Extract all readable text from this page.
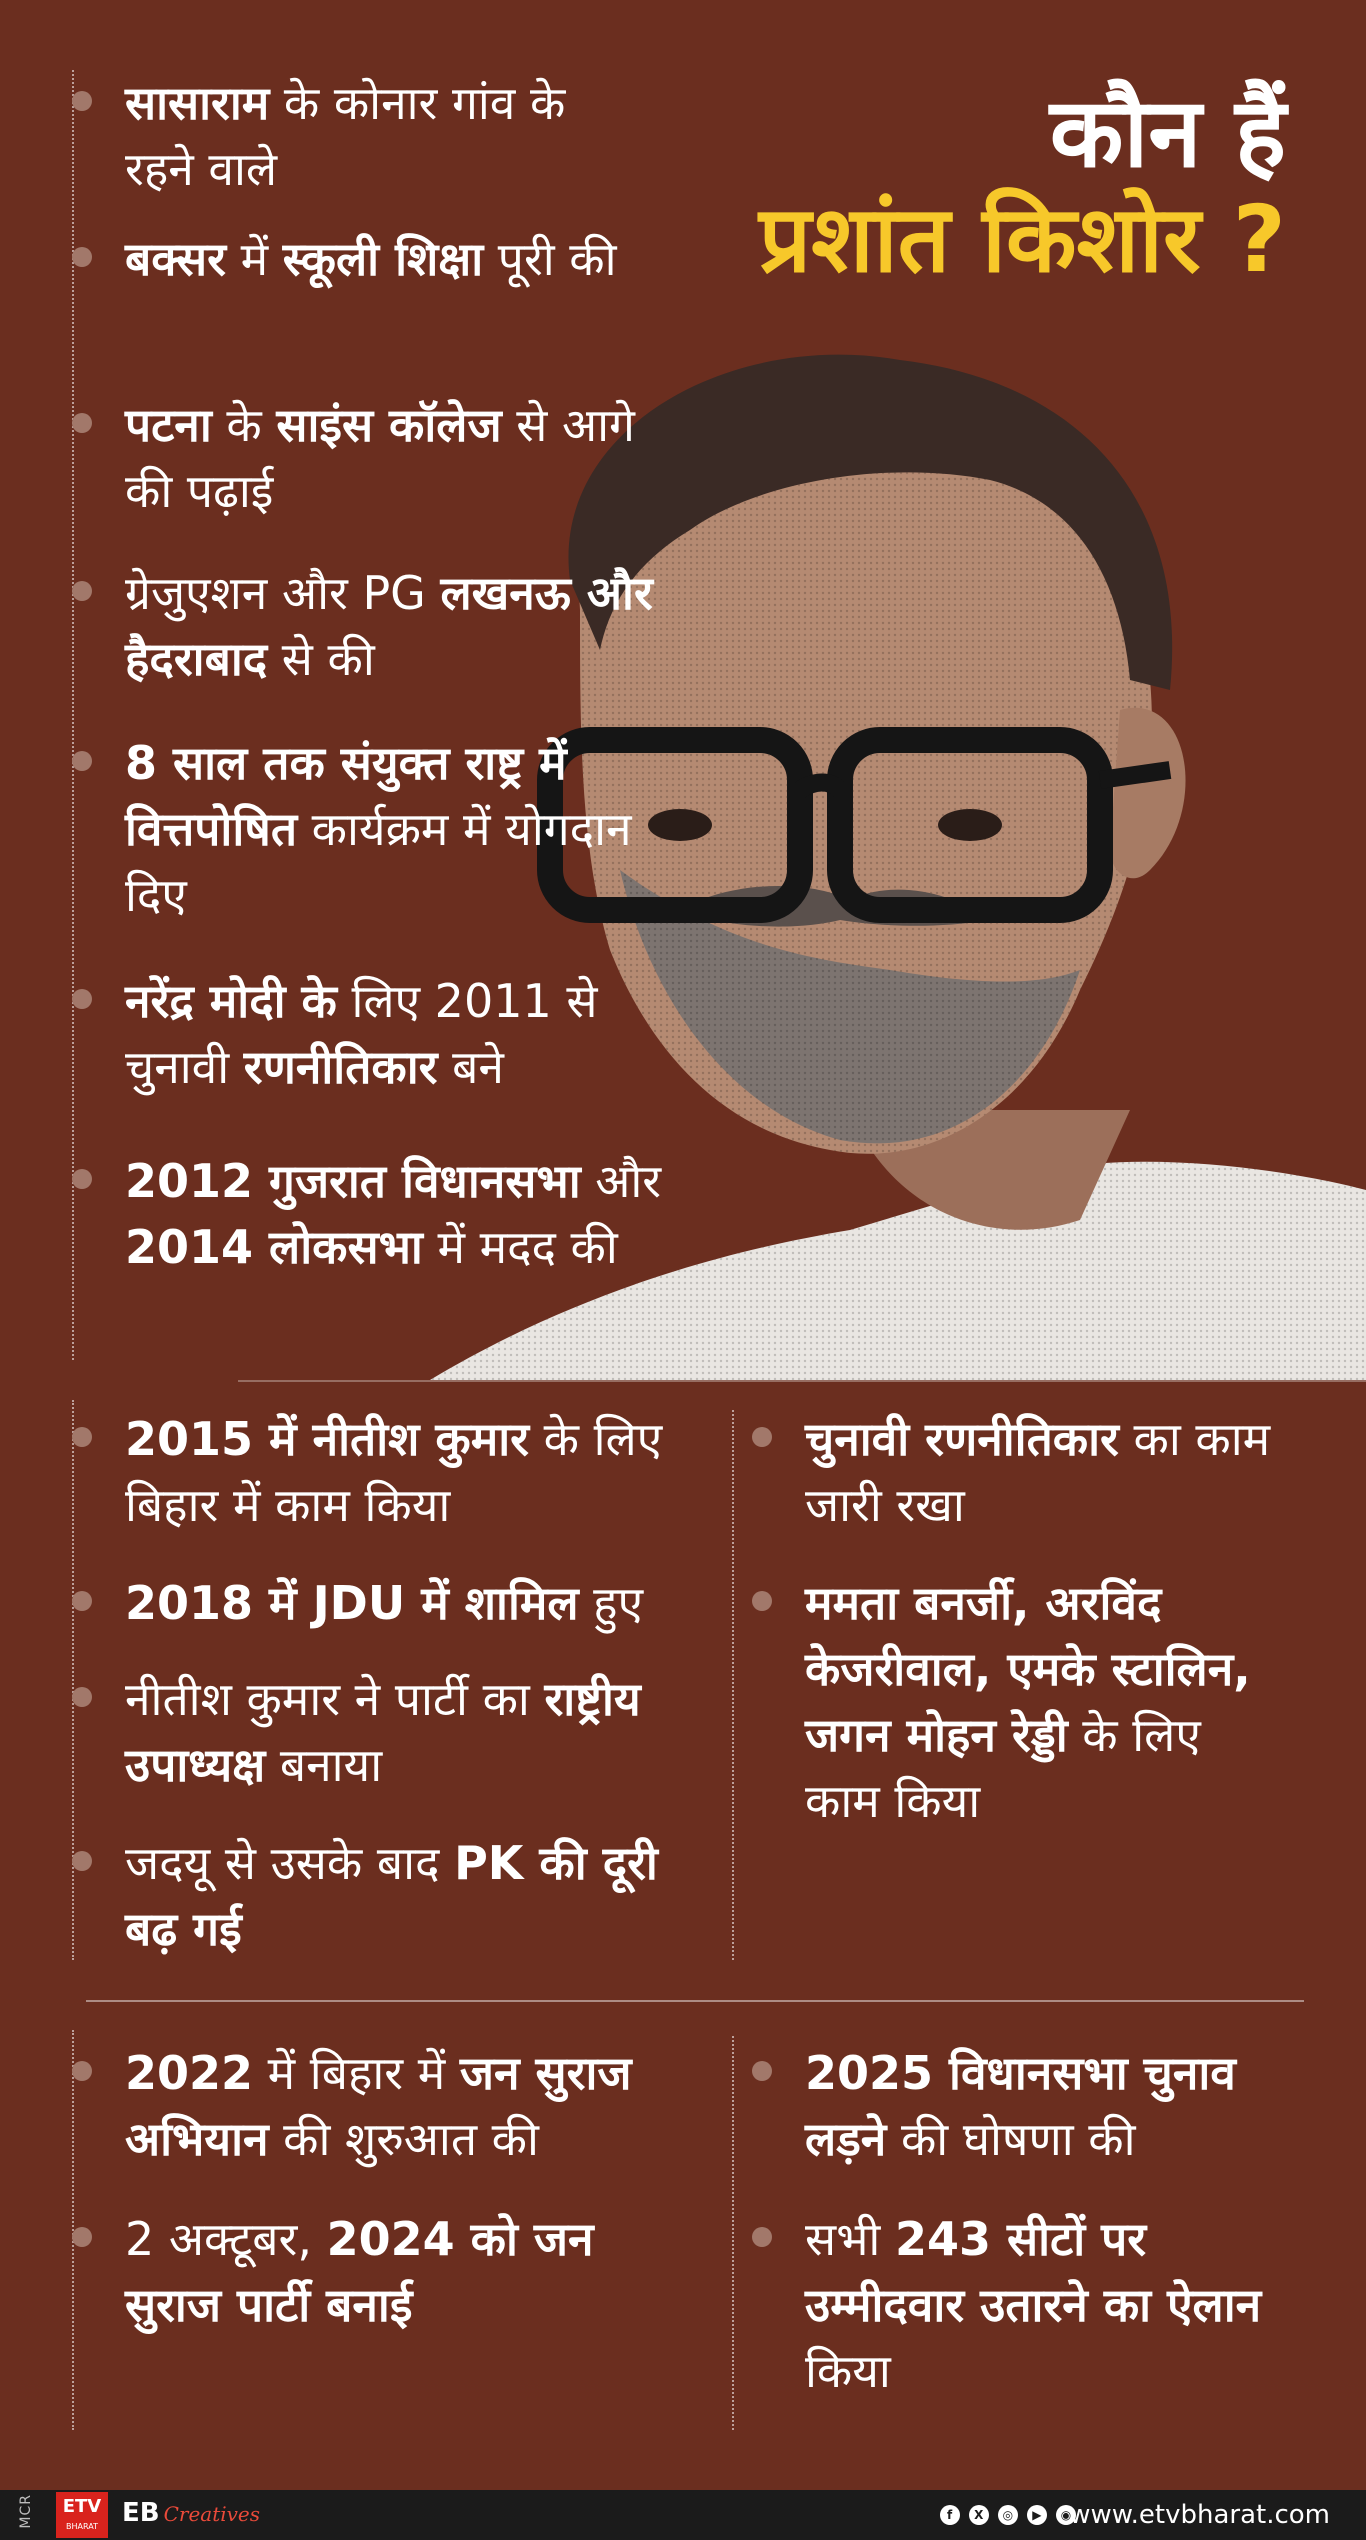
कौन हैं
प्रशांत किशोर ?
सासाराम के कोनार गांव के रहने वाले
बक्सर में स्कूली शिक्षा पूरी की
पटना के साइंस कॉलेज से आगे की पढ़ाई
ग्रेजुएशन और PG लखनऊ और हैदराबाद से की
8 साल तक संयुक्त राष्ट्र में वित्तपोषित कार्यक्रम में योगदान दिए
नरेंद्र मोदी के लिए 2011 से चुनावी रणनीतिकार बने
2012 गुजरात विधानसभा और 2014 लोकसभा में मदद की
2015 में नीतीश कुमार के लिए बिहार में काम किया
2018 में JDU में शामिल हुए
नीतीश कुमार ने पार्टी का राष्ट्रीय उपाध्यक्ष बनाया
जदयू से उसके बाद PK की दूरी बढ़ गई
चुनावी रणनीतिकार का काम जारी रखा
ममता बनर्जी, अरविंद केजरीवाल, एमके स्टालिन, जगन मोहन रेड्डी के लिए काम किया
2022 में बिहार में जन सुराज अभियान की शुरुआत की
2 अक्टूबर, 2024 को जन सुराज पार्टी बनाई
2025 विधानसभा चुनाव लड़ने की घोषणा की
सभी 243 सीटों पर उम्मीदवार उतारने का ऐलान किया
MCR	ETV
BHARAT EB Creatives	f X ◎ ▶ ◉
www.etvbharat.com
